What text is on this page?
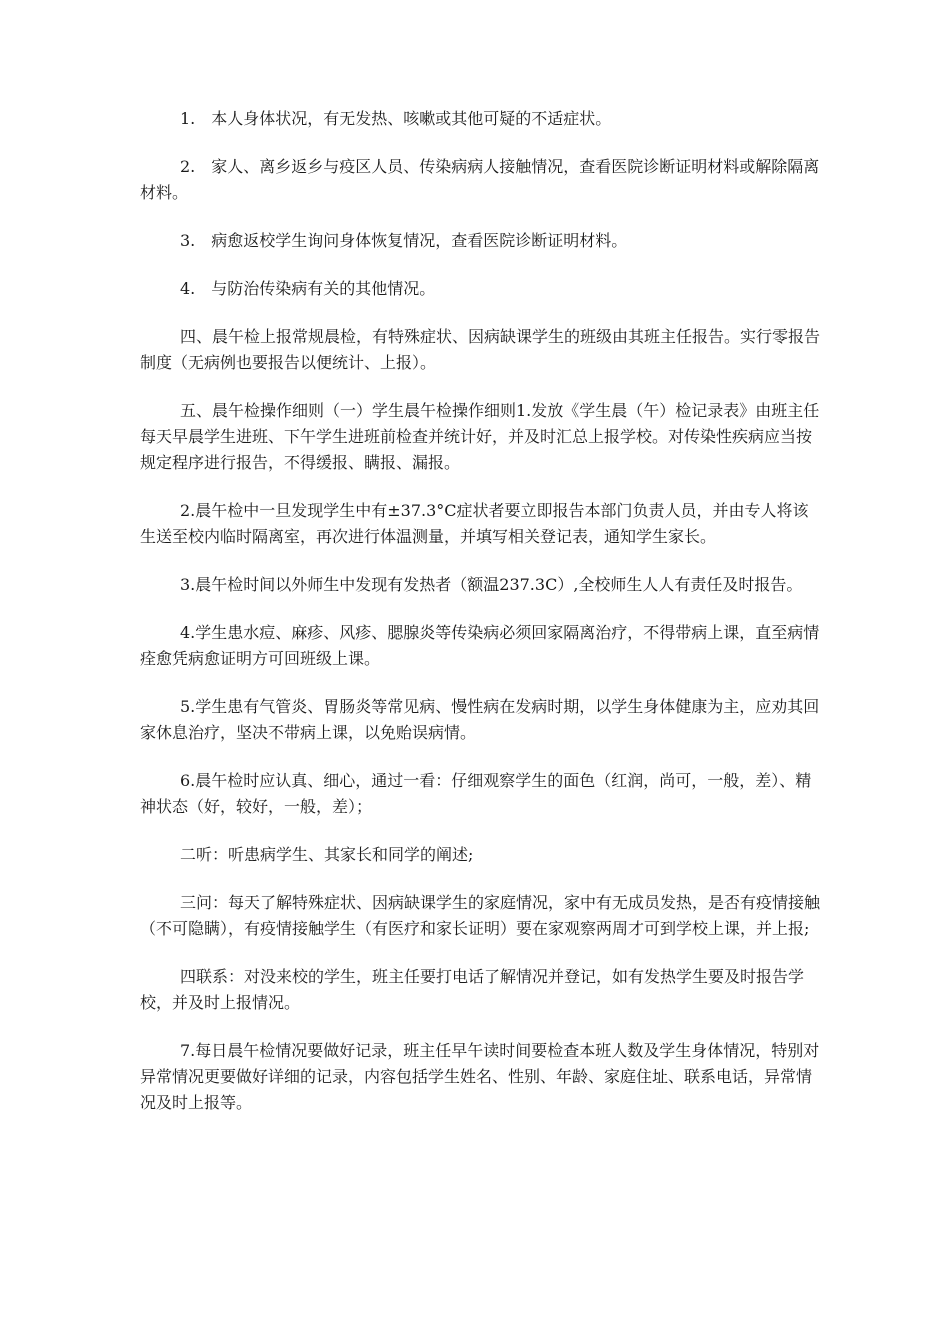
1.　本人身体状况，有无发热、咳嗽或其他可疑的不适症状。

2.　家人、离乡返乡与疫区人员、传染病病人接触情况，查看医院诊断证明材料或解除隔离材料。

3.　病愈返校学生询问身体恢复情况，查看医院诊断证明材料。

4.　与防治传染病有关的其他情况。

四、晨午检上报常规晨检，有特殊症状、因病缺课学生的班级由其班主任报告。实行零报告制度（无病例也要报告以便统计、上报）。

五、晨午检操作细则（一）学生晨午检操作细则1.发放《学生晨（午）检记录表》由班主任每天早晨学生进班、下午学生进班前检查并统计好，并及时汇总上报学校。对传染性疾病应当按规定程序进行报告，不得缓报、瞒报、漏报。

2.晨午检中一旦发现学生中有±37.3°C症状者要立即报告本部门负责人员，并由专人将该生送至校内临时隔离室，再次进行体温测量，并填写相关登记表，通知学生家长。

3.晨午检时间以外师生中发现有发热者（额温237.3C）,全校师生人人有责任及时报告。

4.学生患水痘、麻疹、风疹、腮腺炎等传染病必须回家隔离治疗，不得带病上课，直至病情痊愈凭病愈证明方可回班级上课。

5.学生患有气管炎、胃肠炎等常见病、慢性病在发病时期，以学生身体健康为主，应劝其回家休息治疗，坚决不带病上课，以免贻误病情。

6.晨午检时应认真、细心，通过一看：仔细观察学生的面色（红润，尚可，一般，差）、精神状态（好，较好，一般，差）；

二听：听患病学生、其家长和同学的阐述;

三问：每天了解特殊症状、因病缺课学生的家庭情况，家中有无成员发热，是否有疫情接触（不可隐瞒），有疫情接触学生（有医疗和家长证明）要在家观察两周才可到学校上课，并上报;

四联系：对没来校的学生，班主任要打电话了解情况并登记，如有发热学生要及时报告学校，并及时上报情况。

7.每日晨午检情况要做好记录，班主任早午读时间要检查本班人数及学生身体情况，特别对异常情况更要做好详细的记录，内容包括学生姓名、性别、年龄、家庭住址、联系电话，异常情况及时上报等。
